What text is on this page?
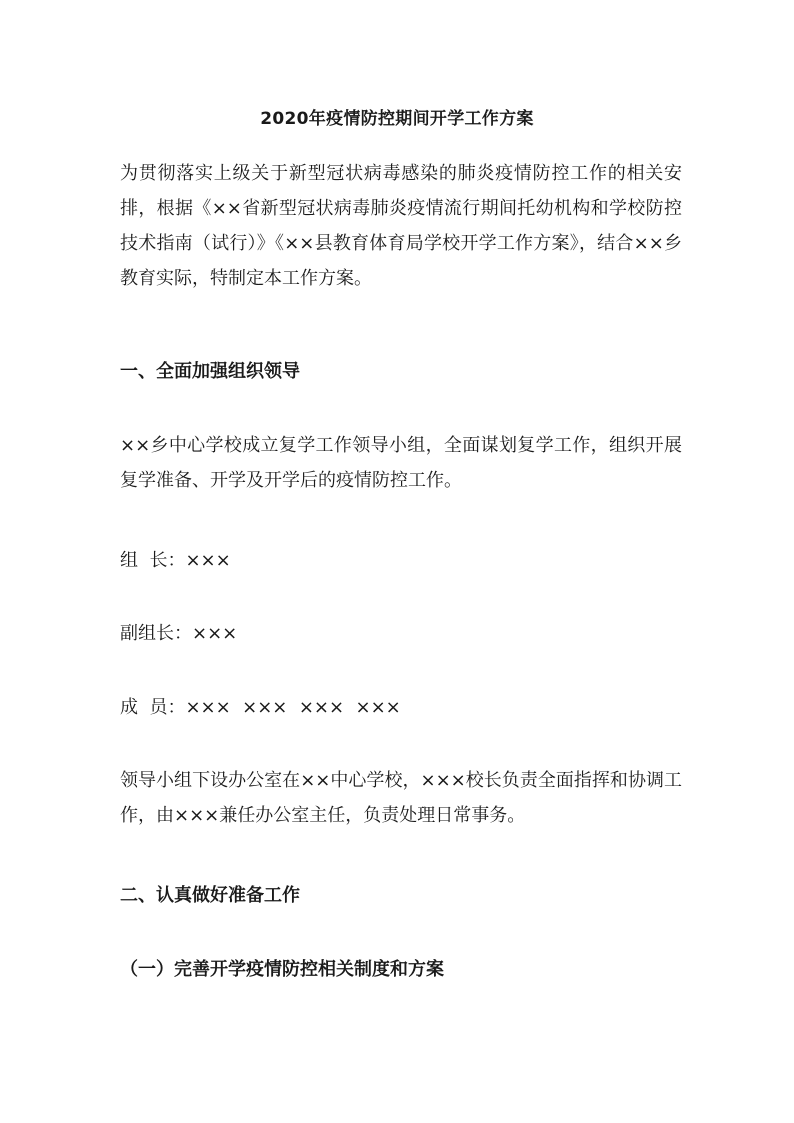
2020年疫情防控期间开学工作方案

为贯彻落实上级关于新型冠状病毒感染的肺炎疫情防控工作的相关安排，根据《××省新型冠状病毒肺炎疫情流行期间托幼机构和学校防控技术指南（试行）》《××县教育体育局学校开学工作方案》，结合××乡教育实际，特制定本工作方案。

一、全面加强组织领导

××乡中心学校成立复学工作领导小组，全面谋划复学工作，组织开展复学准备、开学及开学后的疫情防控工作。

组  长：×××
副组长：×××
成  员：×××  ×××  ×××  ×××

领导小组下设办公室在××中心学校，×××校长负责全面指挥和协调工作，由×××兼任办公室主任，负责处理日常事务。

二、认真做好准备工作
（一）完善开学疫情防控相关制度和方案
